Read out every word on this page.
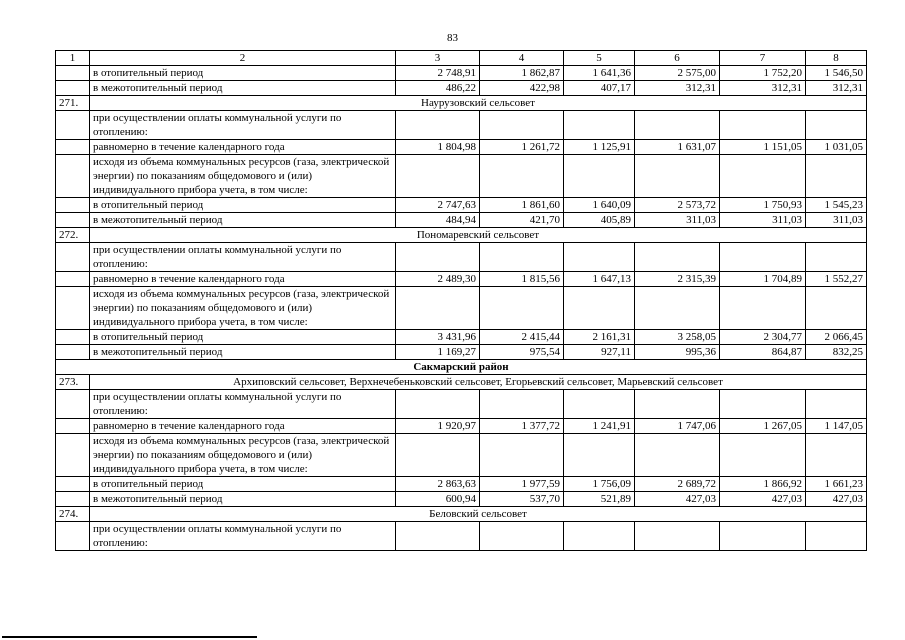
83
1	2	3	4	5	6	7	8
	в отопительный период	2 748,91	1 862,87	1 641,36	2 575,00	1 752,20	1 546,50
	в межотопительный период	486,22	422,98	407,17	312,31	312,31	312,31
271.	Наурузовский сельсовет						
	при осуществлении оплаты коммунальной услуги по отоплению:						
	равномерно в течение календарного года	1 804,98	1 261,72	1 125,91	1 631,07	1 151,05	1 031,05
	исходя из объема коммунальных ресурсов (газа, электрической энергии) по показаниям общедомового и (или) индивидуального прибора учета, в том числе:						
	в отопительный период	2 747,63	1 861,60	1 640,09	2 573,72	1 750,93	1 545,23
	в межотопительный период	484,94	421,70	405,89	311,03	311,03	311,03
272.	Пономаревский сельсовет						
	при осуществлении оплаты коммунальной услуги по отоплению:						
	равномерно в течение календарного года	2 489,30	1 815,56	1 647,13	2 315,39	1 704,89	1 552,27
	исходя из объема коммунальных ресурсов (газа, электрической энергии) по показаниям общедомового и (или) индивидуального прибора учета, в том числе:						
	в отопительный период	3 431,96	2 415,44	2 161,31	3 258,05	2 304,77	2 066,45
	в межотопительный период	1 169,27	975,54	927,11	995,36	864,87	832,25
Сакмарский район							
273.	Архиповский сельсовет, Верхнечебеньковский сельсовет, Егорьевский сельсовет, Марьевский сельсовет						
	при осуществлении оплаты коммунальной услуги по отоплению:						
	равномерно в течение календарного года	1 920,97	1 377,72	1 241,91	1 747,06	1 267,05	1 147,05
	исходя из объема коммунальных ресурсов (газа, электрической энергии) по показаниям общедомового и (или) индивидуального прибора учета, в том числе:						
	в отопительный период	2 863,63	1 977,59	1 756,09	2 689,72	1 866,92	1 661,23
	в межотопительный период	600,94	537,70	521,89	427,03	427,03	427,03
274.	Беловский сельсовет						
	при осуществлении оплаты коммунальной услуги по отоплению:						
